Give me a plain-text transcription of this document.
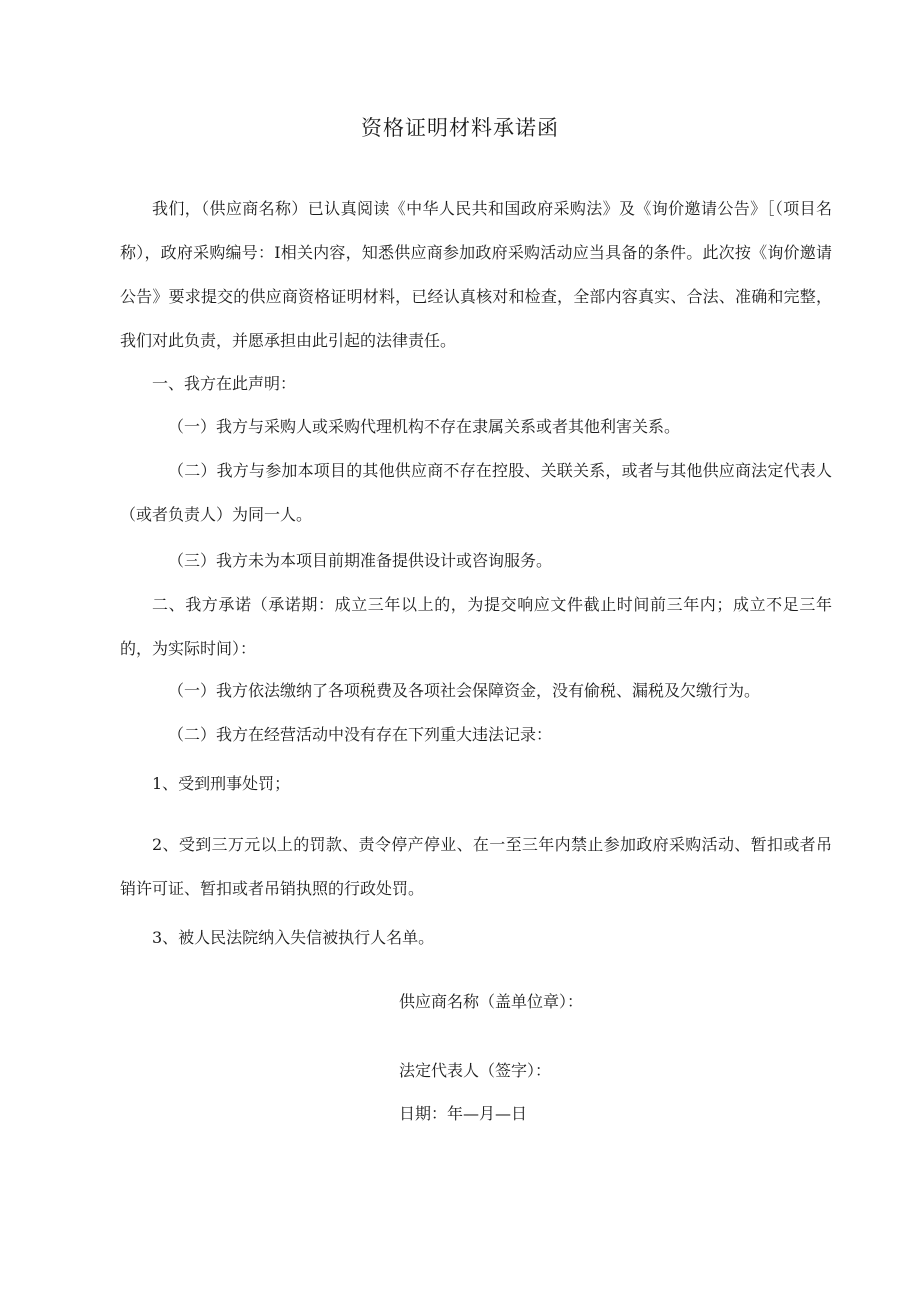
资格证明材料承诺函

我们，（供应商名称）已认真阅读《中华人民共和国政府采购法》及《询价邀请公告》［（项目名称），政府采购编号：I相关内容，知悉供应商参加政府采购活动应当具备的条件。此次按《询价邀请公告》要求提交的供应商资格证明材料，已经认真核对和检查，全部内容真实、合法、准确和完整，我们对此负责，并愿承担由此引起的法律责任。

一、我方在此声明：

（一）我方与采购人或采购代理机构不存在隶属关系或者其他利害关系。

（二）我方与参加本项目的其他供应商不存在控股、关联关系，或者与其他供应商法定代表人（或者负责人）为同一人。

（三）我方未为本项目前期准备提供设计或咨询服务。

二、我方承诺（承诺期：成立三年以上的，为提交响应文件截止时间前三年内；成立不足三年的，为实际时间）：

（一）我方依法缴纳了各项税费及各项社会保障资金，没有偷税、漏税及欠缴行为。

（二）我方在经营活动中没有存在下列重大违法记录：

1、受到刑事处罚；

2、受到三万元以上的罚款、责令停产停业、在一至三年内禁止参加政府采购活动、暂扣或者吊销许可证、暂扣或者吊销执照的行政处罚。

3、被人民法院纳入失信被执行人名单。

供应商名称（盖单位章）：
法定代表人（签字）：
日期：年—月—日
